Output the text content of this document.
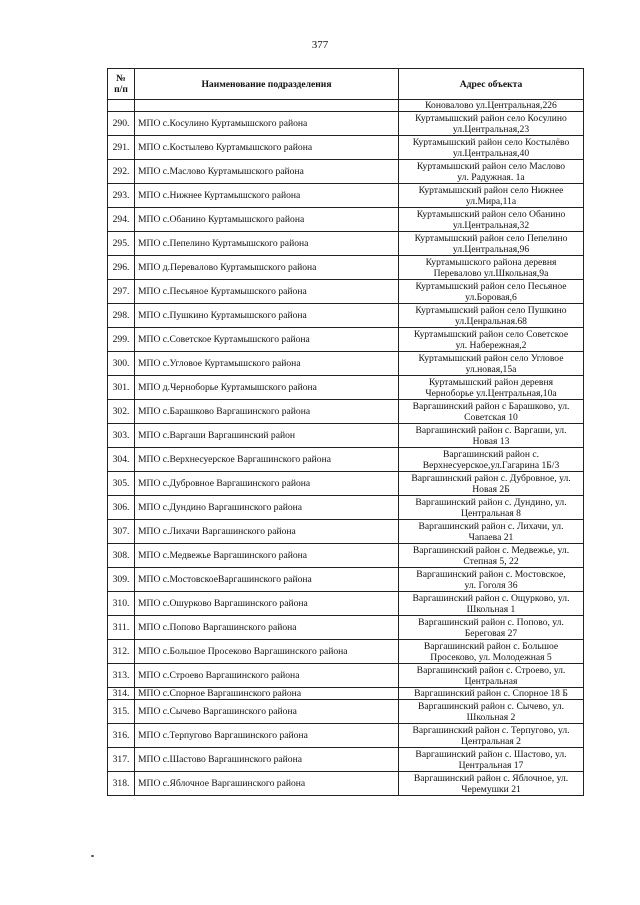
377
№
п/п	Наименование подразделения	Адрес объекта

		Коновалово ул.Центральная,226

290.	МПО с.Косулино Куртамышского района	Куртамышский район село Косулино
ул.Центральная,23

291.	МПО с.Костылево Куртамышского района	Куртамышский район село Костылёво
ул.Центральная,40

292.	МПО с.Маслово Куртамышского района	Куртамышский район село Маслово
ул. Радужная. 1а

293.	МПО с.Нижнее Куртамышского района	Куртамышский район село Нижнее
ул.Мира,11а

294.	МПО с.Обанино Куртамышского района	Куртамышский район село Обанино
ул.Центральная,32

295.	МПО с.Пепелино Куртамышского района	Куртамышский район село Пепелино
ул.Центральная,96

296.	МПО д.Перевалово Куртамышского района	Куртамышского района деревня
Перевалово ул.Школьная,9а

297.	МПО с.Песьяное Куртамышского района	Куртамышский район село Песьяное
ул.Боровая,6

298.	МПО с.Пушкино Куртамышского района	Куртамышский район село Пушкино
ул.Ценральная.68

299.	МПО с.Советское Куртамышского района	Куртамышский район село Советское
ул. Набережная,2

300.	МПО с.Угловое Куртамышского района	Куртамышский район село Угловое
ул.новая,15а

301.	МПО д.Черноборье Куртамышского района	Куртамышский район деревня
Черноборье ул.Центральная,10а

302.	МПО с.Барашково Варгашинского района	Варгашинский район с Барашково, ул.
Советская 10

303.	МПО с.Варгаши Варгашинский район	Варгашинский район с. Варгаши, ул.
Новая 13

304.	МПО с.Верхнесуерское Варгашинского района	Варгашинский район с.
Верхнесуерское,ул.Гагарина 1Б/3

305.	МПО с.Дубровное Варгашинского района	Варгашинский район с. Дубровное, ул.
Новая 2Б

306.	МПО с.Дундино Варгашинского района	Варгашинский район с. Дундино, ул.
Центральная 8

307.	МПО с.Лихачи Варгашинского района	Варгашинский район с. Лихачи, ул.
Чапаева 21

308.	МПО с.Медвежье Варгашинского района	Варгашинский район с. Медвежье, ул.
Степная 5, 22

309.	МПО с.МостовскоеВаргашинского района	Варгашинский район с. Мостовское,
ул. Гоголя 36

310.	МПО с.Ошурково Варгашинского района	Варгашинский район с. Ощурково, ул.
Школьная 1

311.	МПО с.Попово Варгашинского района	Варгашинский район с. Попово, ул.
Береговая 27

312.	МПО с.Большое Просеково Варгашинского района	Варгашинский район с. Большое
Просеково, ул. Молодежная 5

313.	МПО с.Строево Варгашинского района	Варгашинский район с. Строево, ул.
Центральная

314.	МПО с.Спорное Варгашинского района	Варгашинский район с. Спорное 18 Б

315.	МПО с.Сычево Варгашинского района	Варгашинский район с. Сычево, ул.
Школьная 2

316.	МПО с.Терпугово Варгашинского района	Варгашинский район с. Терпугово, ул.
Центральная 2

317.	МПО с.Шастово Варгашинского района	Варгашинский район с. Шастово, ул.
Центральная 17

318.	МПО с.Яблочное Варгашинского района	Варгашинский район с. Яблочное, ул.
Черемушки 21
